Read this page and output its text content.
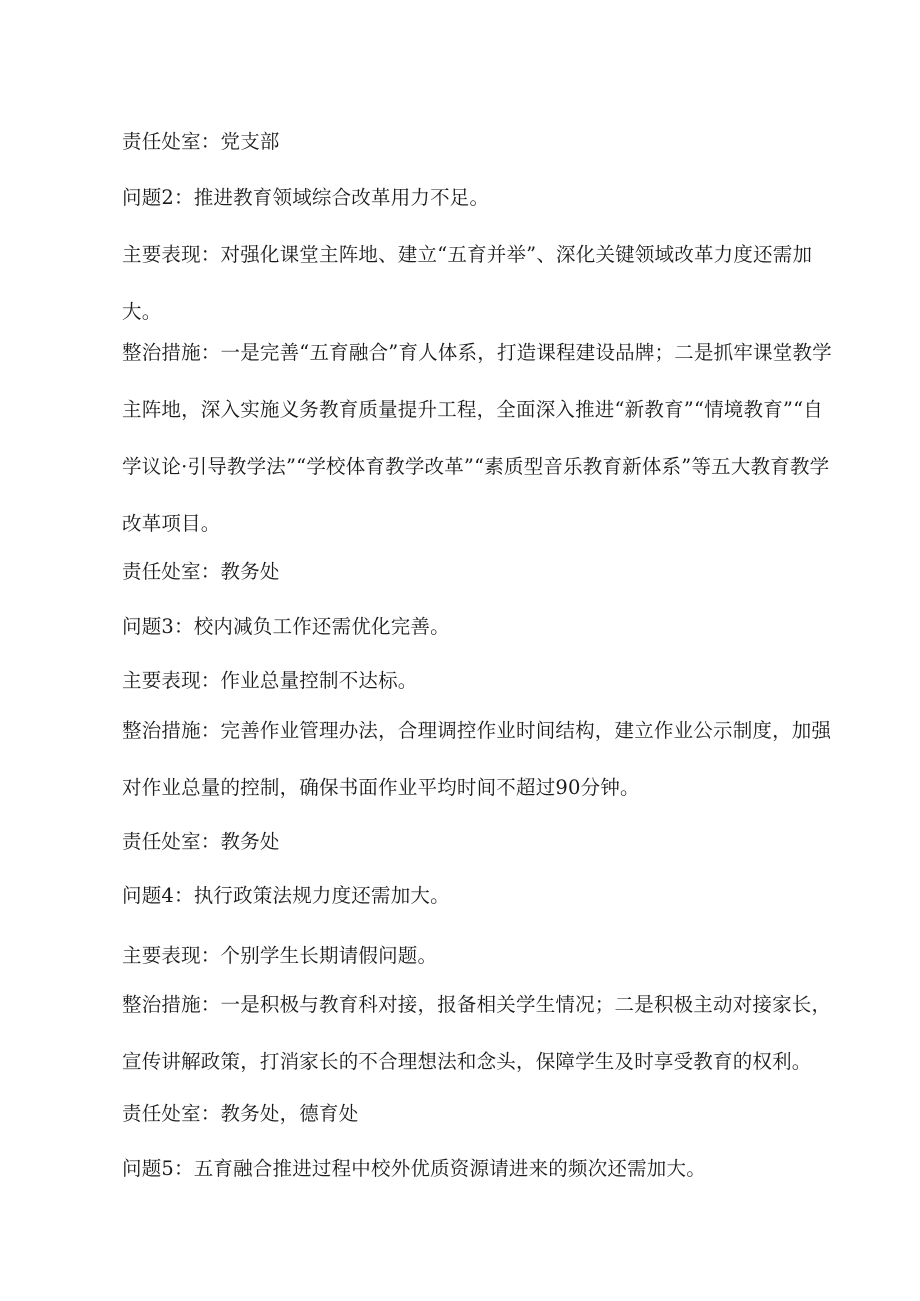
责任处室：党支部

问题2：推进教育领域综合改革用力不足。

主要表现：对强化课堂主阵地、建立“五育并举”、深化关键领域改革力度还需加大。

整治措施：一是完善“五育融合”育人体系，打造课程建设品牌；二是抓牢课堂教学主阵地，深入实施义务教育质量提升工程，全面深入推进“新教育”“情境教育”“自学议论·引导教学法”“学校体育教学改革”“素质型音乐教育新体系”等五大教育教学改革项目。

责任处室：教务处

问题3：校内减负工作还需优化完善。

主要表现：作业总量控制不达标。

整治措施：完善作业管理办法，合理调控作业时间结构，建立作业公示制度，加强对作业总量的控制，确保书面作业平均时间不超过90分钟。

责任处室：教务处

问题4：执行政策法规力度还需加大。

主要表现：个别学生长期请假问题。

整治措施：一是积极与教育科对接，报备相关学生情况；二是积极主动对接家长，宣传讲解政策，打消家长的不合理想法和念头，保障学生及时享受教育的权利。

责任处室：教务处，德育处

问题5：五育融合推进过程中校外优质资源请进来的频次还需加大。
